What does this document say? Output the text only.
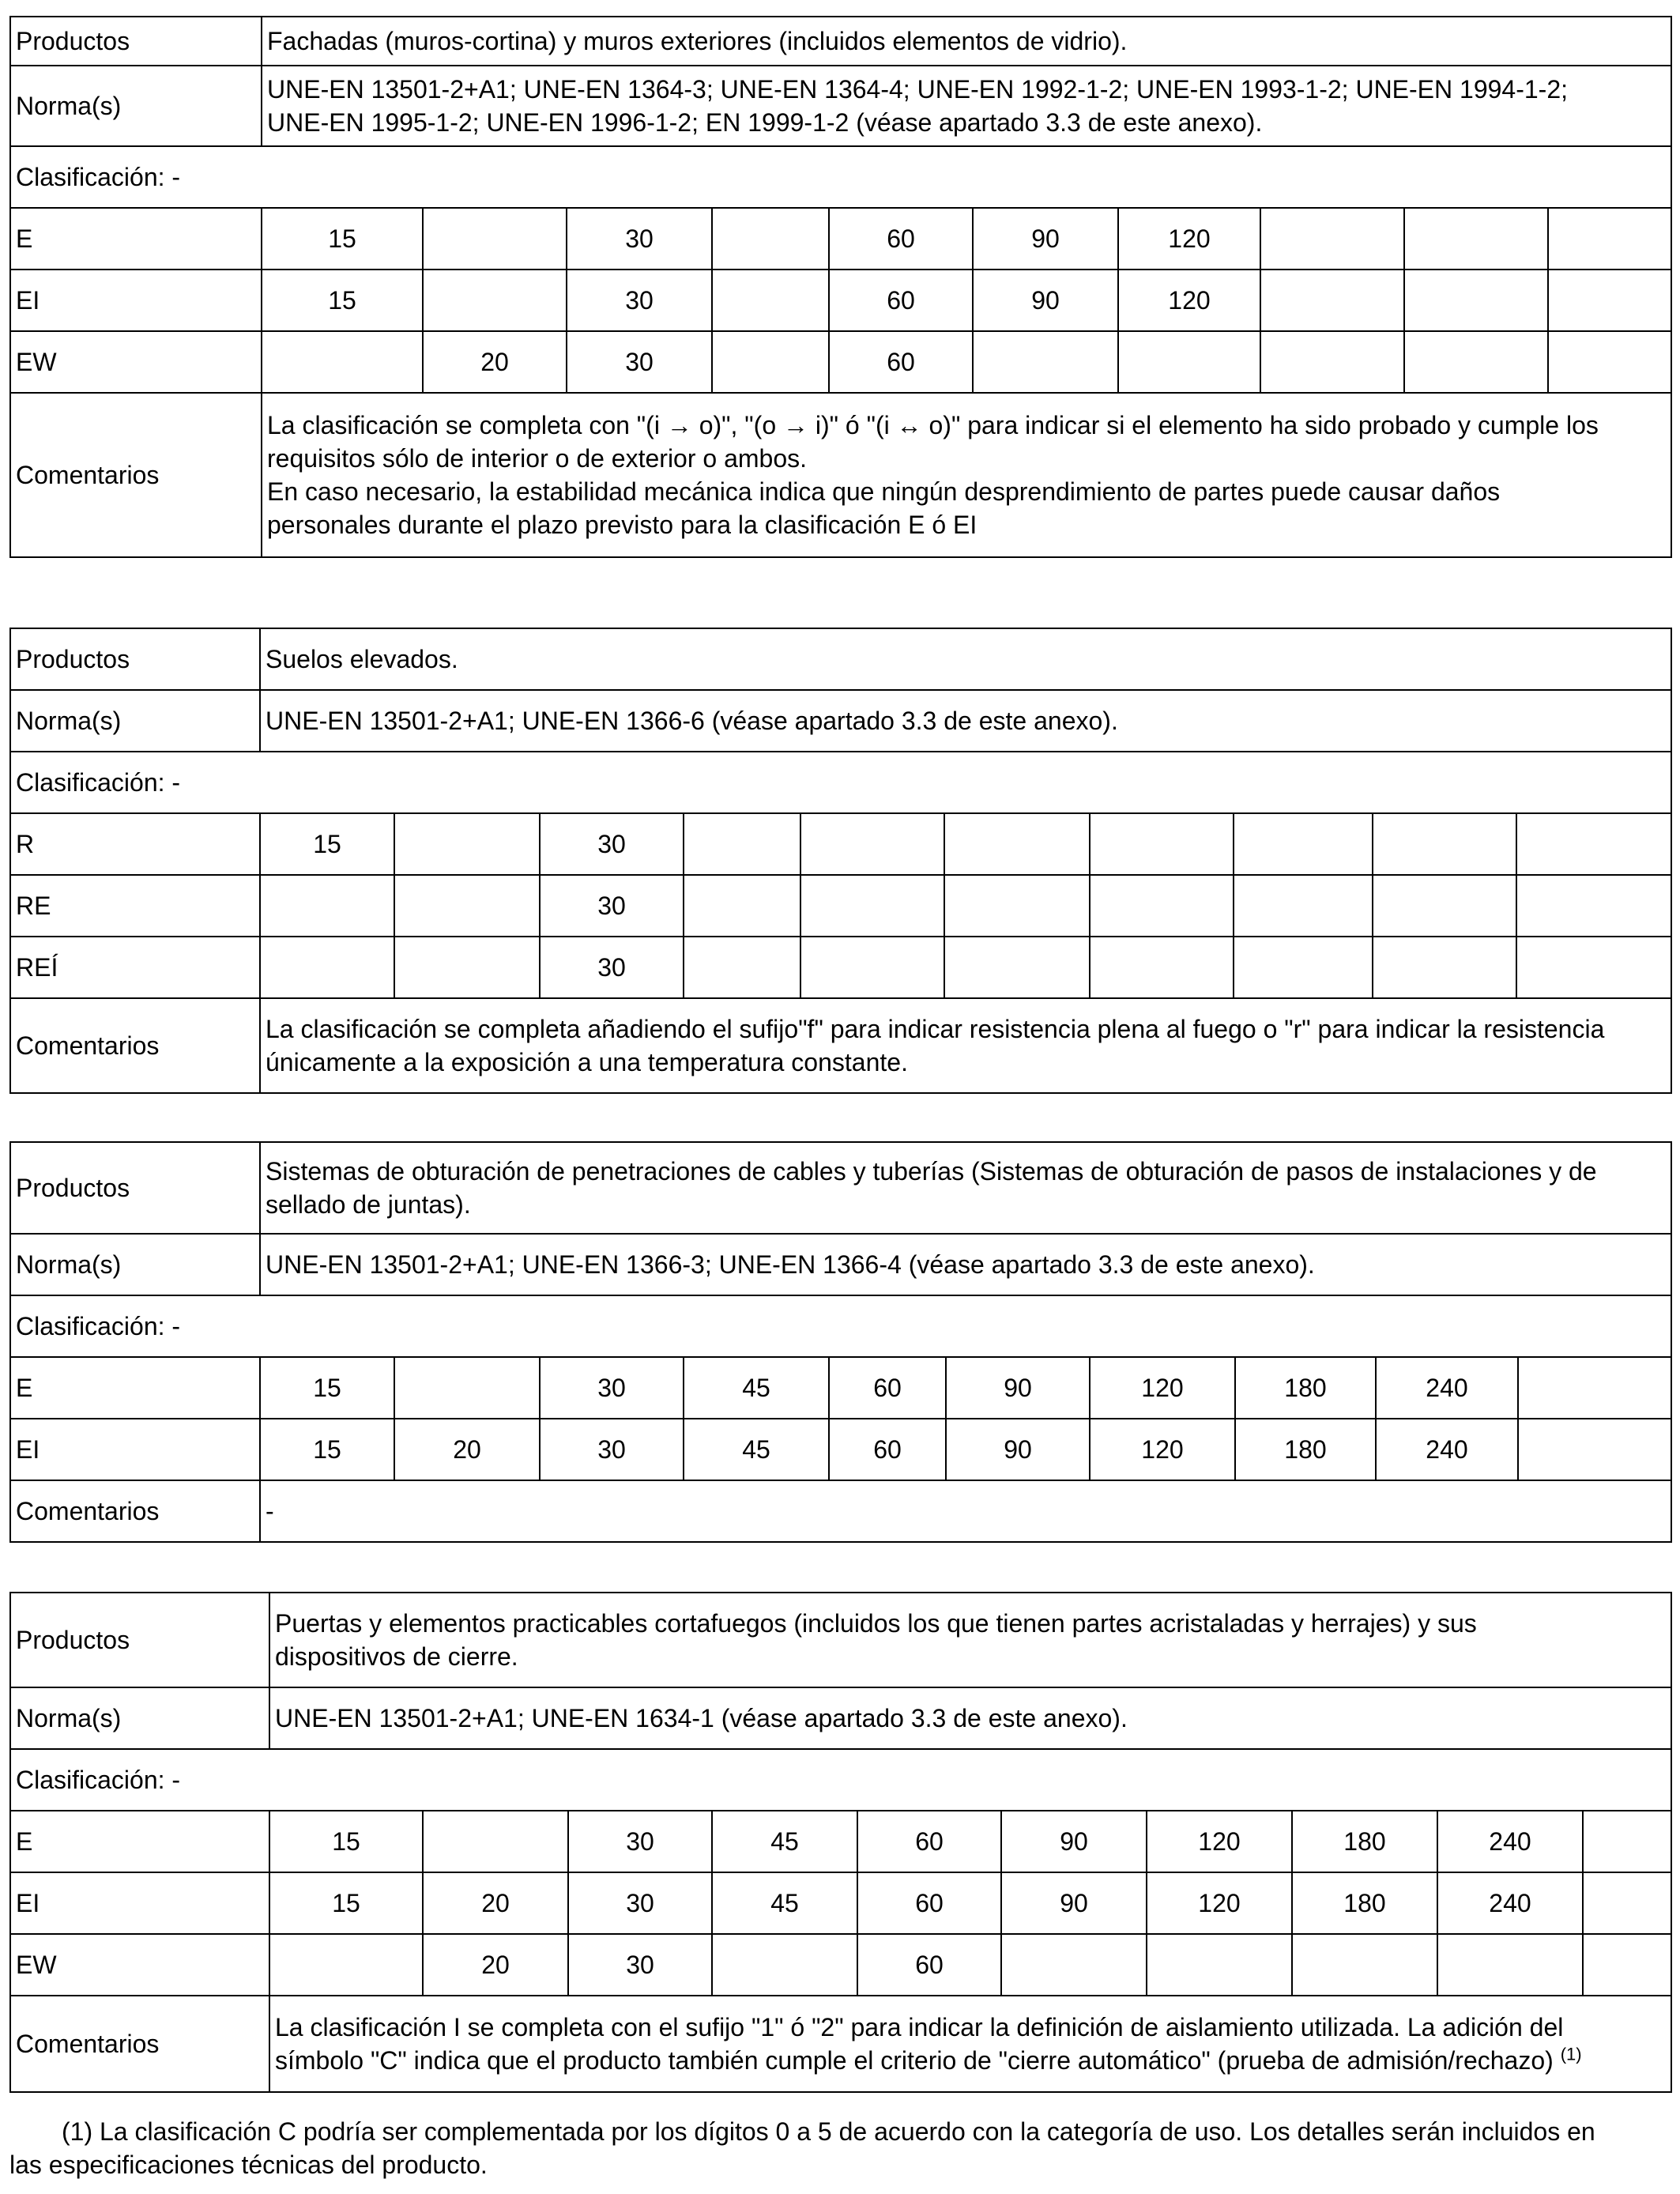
Productos	Fachadas (muros-cortina) y muros exteriores (incluidos elementos de vidrio).									
Norma(s)	UNE-EN 13501-2+A1; UNE-EN 1364-3; UNE-EN 1364-4; UNE-EN 1992-1-2; UNE-EN 1993-1-2; UNE-EN 1994-1-2;
UNE-EN 1995-1-2; UNE-EN 1996-1-2; EN 1999-1-2 (véase apartado 3.3 de este anexo).									
Clasificación: -										
E	15		30		60	90	120			
EI	15		30		60	90	120			
EW		20	30		60					
Comentarios	La clasificación se completa con "(i → o)", "(o → i)" ó "(i ↔ o)" para indicar si el elemento ha sido probado y cumple los
requisitos sólo de interior o de exterior o ambos.
En caso necesario, la estabilidad mecánica indica que ningún desprendimiento de partes puede causar daños
personales durante el plazo previsto para la clasificación E ó EI									
Productos	Suelos elevados.									
Norma(s)	UNE-EN 13501-2+A1; UNE-EN 1366-6 (véase apartado 3.3 de este anexo).									
Clasificación: -										
R	15		30							
RE			30							
REÍ			30							
Comentarios	La clasificación se completa añadiendo el sufijo"f" para indicar resistencia plena al fuego o "r" para indicar la resistencia
únicamente a la exposición a una temperatura constante.									
Productos	Sistemas de obturación de penetraciones de cables y tuberías (Sistemas de obturación de pasos de instalaciones y de
sellado de juntas).									
Norma(s)	UNE-EN 13501-2+A1; UNE-EN 1366-3; UNE-EN 1366-4 (véase apartado 3.3 de este anexo).									
Clasificación: -										
E	15		30	45	60	90	120	180	240	
EI	15	20	30	45	60	90	120	180	240	
Comentarios	-									
Productos	Puertas y elementos practicables cortafuegos (incluidos los que tienen partes acristaladas y herrajes) y sus
dispositivos de cierre.									
Norma(s)	UNE-EN 13501-2+A1; UNE-EN 1634-1 (véase apartado 3.3 de este anexo).									
Clasificación: -										
E	15		30	45	60	90	120	180	240	
EI	15	20	30	45	60	90	120	180	240	
EW		20	30		60					
Comentarios	La clasificación I se completa con el sufijo "1" ó "2" para indicar la definición de aislamiento utilizada. La adición del
símbolo "C" indica que el producto también cumple el criterio de "cierre automático" (prueba de admisión/rechazo) $^{(1)}$
(1) La clasificación C podría ser complementada por los dígitos 0 a 5 de acuerdo con la categoría de uso. Los detalles serán incluidos en
las especificaciones técnicas del producto.
